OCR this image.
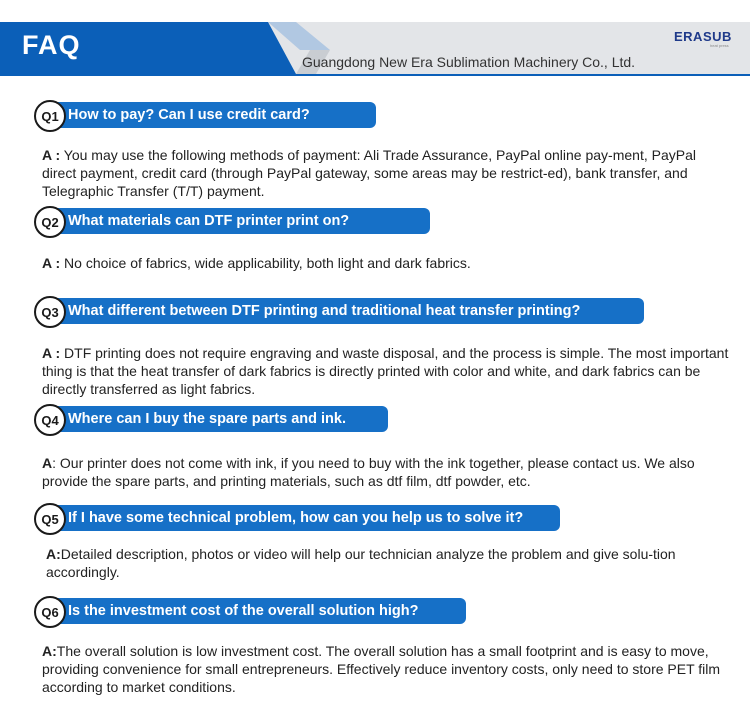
FAQ
Guangdong New Era Sublimation Machinery Co., Ltd.
ERASUB
heat press
Q1 How to pay? Can I use credit card?
A : You may use the following methods of payment: Ali Trade Assurance, PayPal online pay-ment, PayPal direct payment, credit card (through PayPal gateway, some areas may be restrict-ed), bank transfer, and Telegraphic Transfer (T/T) payment.
Q2 What materials can DTF printer print on?
A : No choice of fabrics, wide applicability, both light and dark fabrics.
Q3 What different between DTF printing and traditional heat transfer printing?
A : DTF printing does not require engraving and waste disposal, and the process is simple. The most important thing is that the heat transfer of dark fabrics is directly printed with color and white, and dark fabrics can be directly transferred as light fabrics.
Q4 Where can I buy the spare parts and ink.
A: Our printer does not come with ink, if you need to buy with the ink together, please contact us. We also provide the spare parts, and printing materials, such as dtf film, dtf powder, etc.
Q5 If I have some technical problem, how can you help us to solve it?
A:Detailed description, photos or video will help our technician analyze the problem and give solu-tion accordingly.
Q6 Is the investment cost of the overall solution high?
A:The overall solution is low investment cost. The overall solution has a small footprint and is easy to move, providing convenience for small entrepreneurs. Effectively reduce inventory costs, only need to store PET film according to market conditions.
